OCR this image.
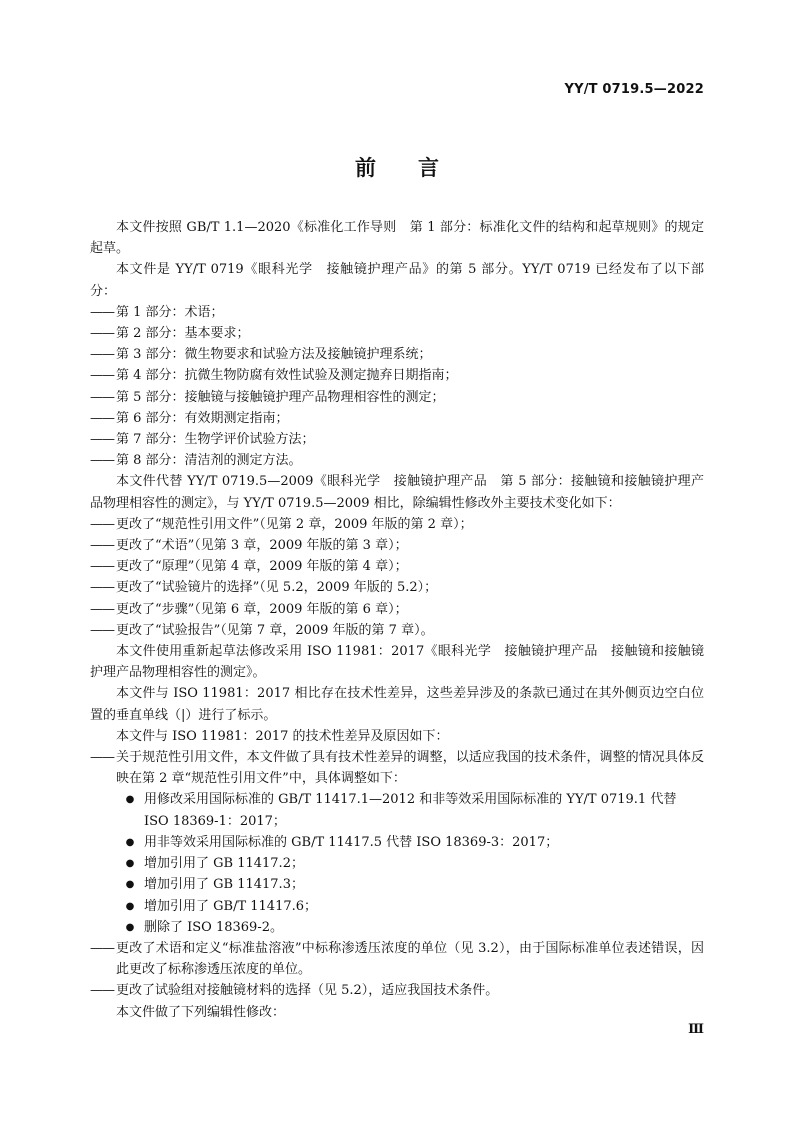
YY/T 0719.5—2022
前言

本文件按照 GB/T 1.1—2020《标准化工作导则　第 1 部分：标准化文件的结构和起草规则》的规定起草。

本文件是 YY/T 0719《眼科光学　接触镜护理产品》的第 5 部分。YY/T 0719 已经发布了以下部分：

—— 第 1 部分：术语；
—— 第 2 部分：基本要求；
—— 第 3 部分：微生物要求和试验方法及接触镜护理系统；
—— 第 4 部分：抗微生物防腐有效性试验及测定抛弃日期指南；
—— 第 5 部分：接触镜与接触镜护理产品物理相容性的测定；
—— 第 6 部分：有效期测定指南；
—— 第 7 部分：生物学评价试验方法；
—— 第 8 部分：清洁剂的测定方法。

本文件代替 YY/T 0719.5—2009《眼科光学　接触镜护理产品　第 5 部分：接触镜和接触镜护理产品物理相容性的测定》，与 YY/T 0719.5—2009 相比，除编辑性修改外主要技术变化如下：

—— 更改了“规范性引用文件”（见第 2 章，2009 年版的第 2 章）；
—— 更改了“术语”（见第 3 章，2009 年版的第 3 章）；
—— 更改了“原理”（见第 4 章，2009 年版的第 4 章）；
—— 更改了“试验镜片的选择”（见 5.2，2009 年版的 5.2）；
—— 更改了“步骤”（见第 6 章，2009 年版的第 6 章）；
—— 更改了“试验报告”（见第 7 章，2009 年版的第 7 章）。

本文件使用重新起草法修改采用 ISO 11981：2017《眼科光学　接触镜护理产品　接触镜和接触镜护理产品物理相容性的测定》。

本文件与 ISO 11981：2017 相比存在技术性差异，这些差异涉及的条款已通过在其外侧页边空白位置的垂直单线（|）进行了标示。

本文件与 ISO 11981：2017 的技术性差异及原因如下：

—— 关于规范性引用文件，本文件做了具有技术性差异的调整，以适应我国的技术条件，调整的情况具体反映在第 2 章“规范性引用文件”中，具体调整如下：
● 用修改采用国际标准的 GB/T 11417.1—2012 和非等效采用国际标准的 YY/T 0719.1 代替 ISO 18369-1：2017；
● 用非等效采用国际标准的 GB/T 11417.5 代替 ISO 18369-3：2017；
● 增加引用了 GB 11417.2；
● 增加引用了 GB 11417.3；
● 增加引用了 GB/T 11417.6；
● 删除了 ISO 18369-2。
—— 更改了术语和定义“标准盐溶液”中标称渗透压浓度的单位（见 3.2），由于国际标准单位表述错误，因此更改了标称渗透压浓度的单位。
—— 更改了试验组对接触镜材料的选择（见 5.2），适应我国技术条件。

本文件做了下列编辑性修改：

Ⅲ
